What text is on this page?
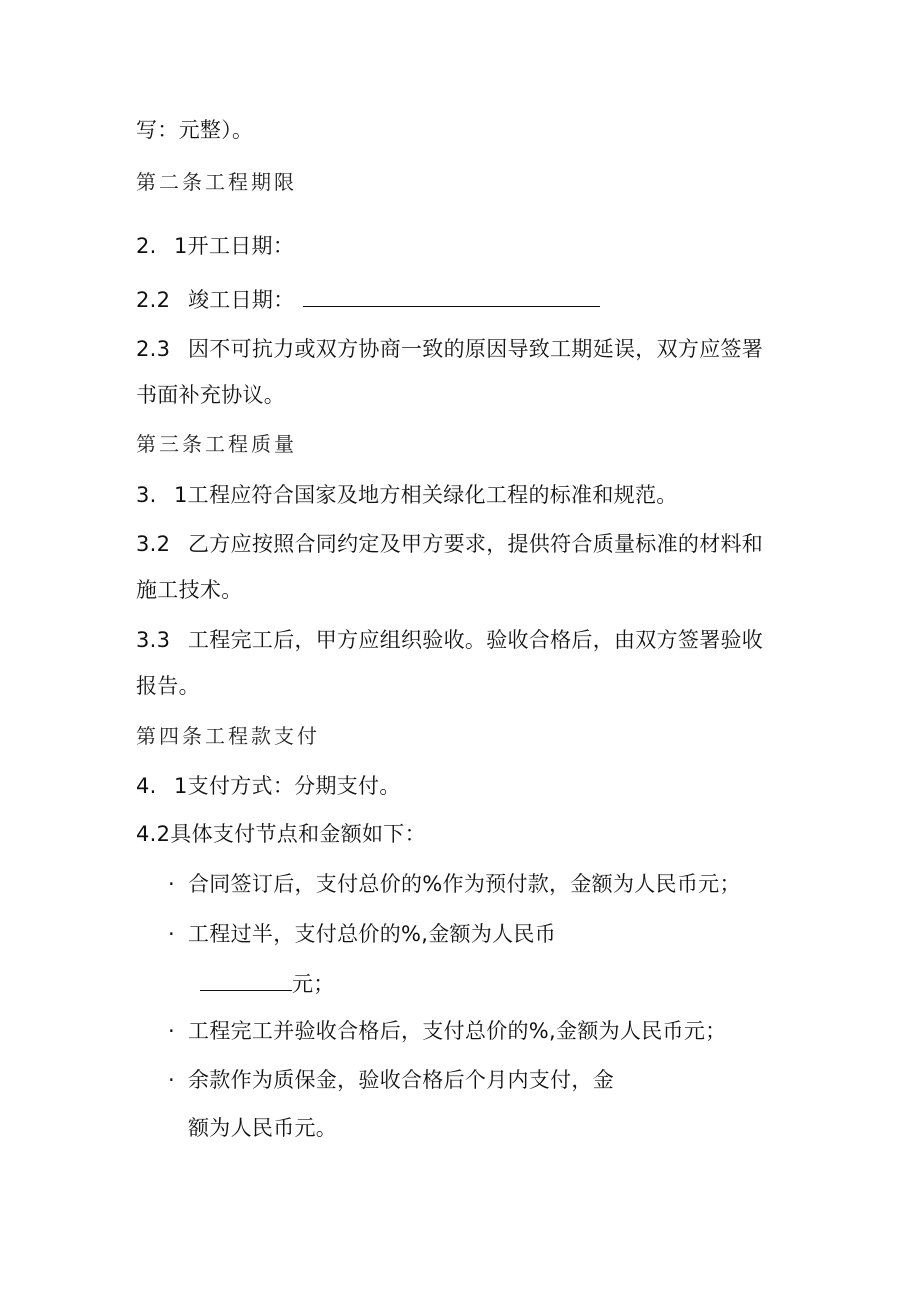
写：元整）。
第二条工程期限
2. 1开工日期：
2.2 竣工日期：
2.3 因不可抗力或双方协商一致的原因导致工期延误，双方应签署
书面补充协议。
第三条工程质量
3. 1工程应符合国家及地方相关绿化工程的标准和规范。
3.2 乙方应按照合同约定及甲方要求，提供符合质量标准的材料和
施工技术。
3.3 工程完工后，甲方应组织验收。验收合格后，由双方签署验收
报告。
第四条工程款支付
4. 1支付方式：分期支付。
4.2具体支付节点和金额如下：
· 合同签订后，支付总价的%作为预付款，金额为人民币元；
· 工程过半，支付总价的%,金额为人民币
元；
· 工程完工并验收合格后，支付总价的%,金额为人民币元；
· 余款作为质保金，验收合格后个月内支付，金
额为人民币元。
